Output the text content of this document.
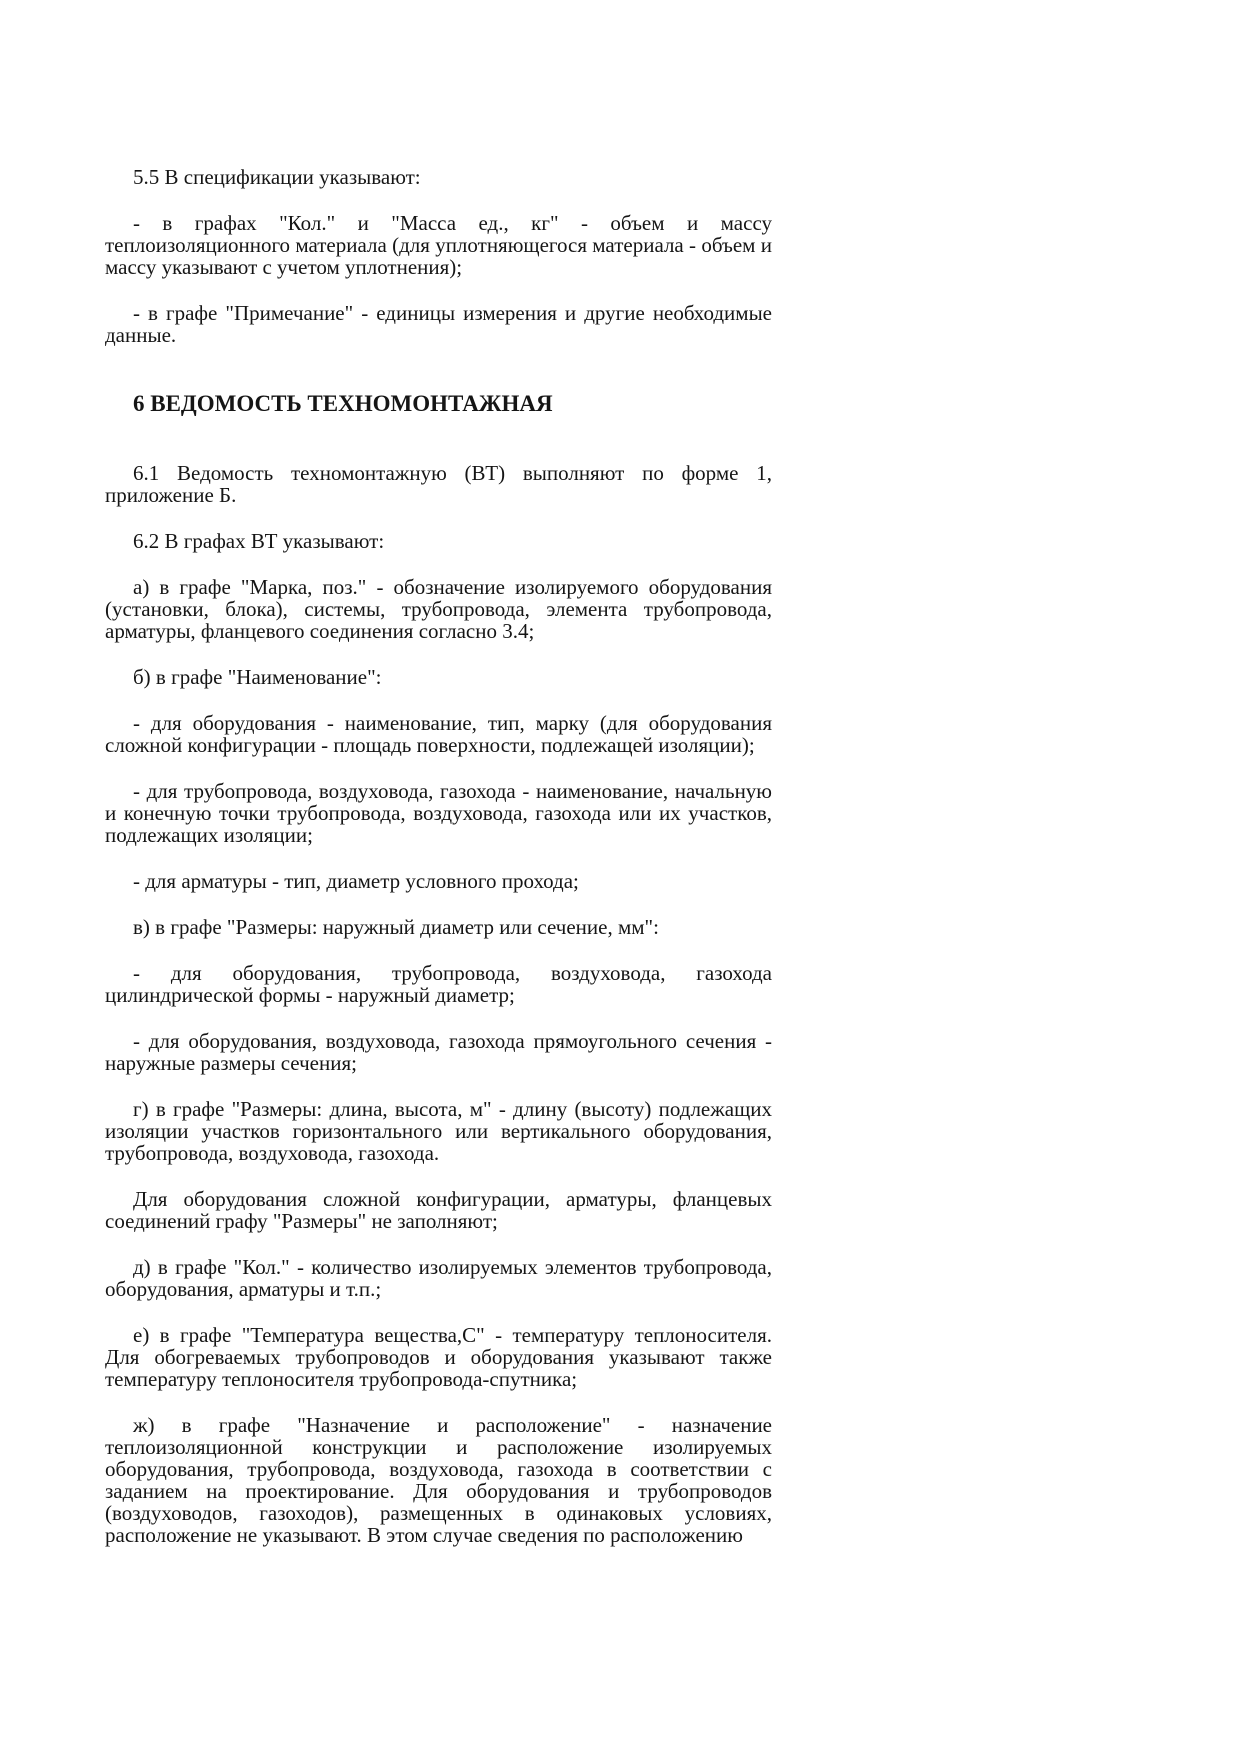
5.5 В спецификации указывают:

- в графах "Кол." и "Масса ед., кг" - объем и массу теплоизоляционного материала (для уплотняющегося материала - объем и массу указывают с учетом уплотнения);

- в графе "Примечание" - единицы измерения и другие необходимые данные.

6 ВЕДОМОСТЬ ТЕХНОМОНТАЖНАЯ

6.1 Ведомость техномонтажную (ВТ) выполняют по форме 1, приложение Б.

6.2 В графах ВТ указывают:

а) в графе "Марка, поз." - обозначение изолируемого оборудования (установки, блока), системы, трубопровода, элемента трубопровода, арматуры, фланцевого соединения согласно 3.4;

б) в графе "Наименование":

- для оборудования - наименование, тип, марку (для оборудования сложной конфигурации - площадь поверхности, подлежащей изоляции);

- для трубопровода, воздуховода, газохода - наименование, начальную и конечную точки трубопровода, воздуховода, газохода или их участков, подлежащих изоляции;

- для арматуры - тип, диаметр условного прохода;

в) в графе "Размеры: наружный диаметр или сечение, мм":

- для оборудования, трубопровода, воздуховода, газохода цилиндрической формы - наружный диаметр;

- для оборудования, воздуховода, газохода прямоугольного сечения - наружные размеры сечения;

г) в графе "Размеры: длина, высота, м" - длину (высоту) подлежащих изоляции участков горизонтального или вертикального оборудования, трубопровода, воздуховода, газохода.

Для оборудования сложной конфигурации, арматуры, фланцевых соединений графу "Размеры" не заполняют;

д) в графе "Кол." - количество изолируемых элементов трубопровода, оборудования, арматуры и т.п.;

е) в графе "Температура вещества,С" - температуру теплоносителя. Для обогреваемых трубопроводов и оборудования указывают также температуру теплоносителя трубопровода-спутника;

ж) в графе "Назначение и расположение" - назначение теплоизоляционной конструкции и расположение изолируемых оборудования, трубопровода, воздуховода, газохода в соответствии с заданием на проектирование. Для оборудования и трубопроводов (воздуховодов, газоходов), размещенных в одинаковых условиях, расположение не указывают. В этом случае сведения по расположению
